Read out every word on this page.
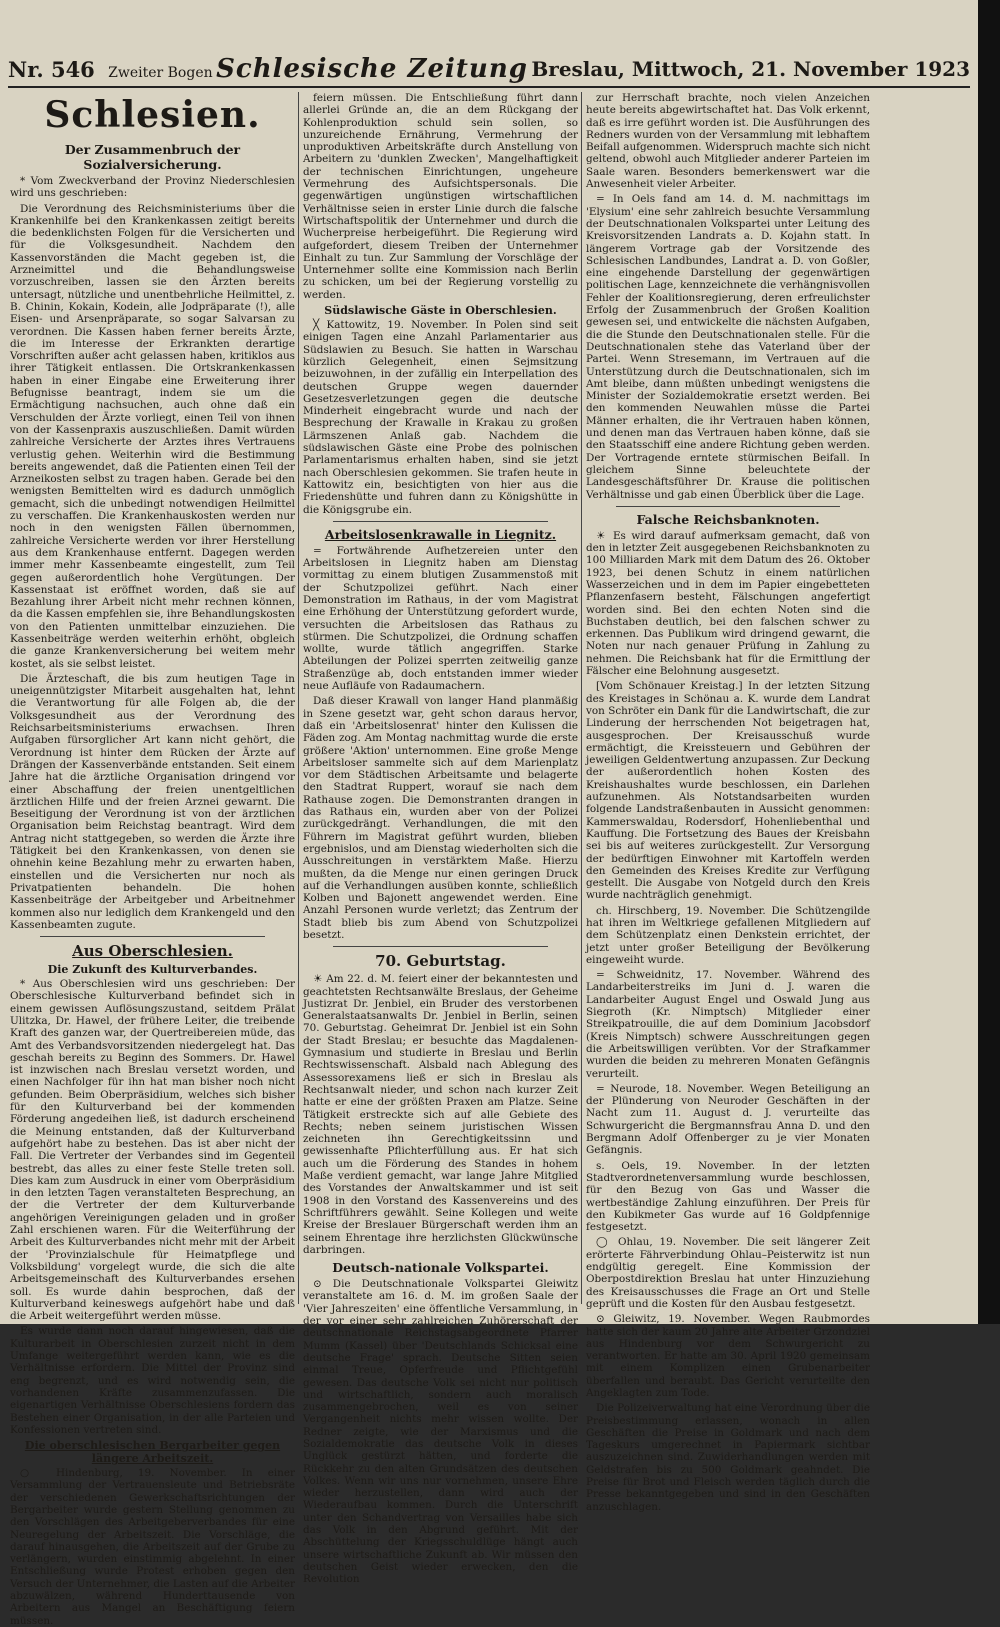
Nr. 546 Zweiter Bogen Schlesische Zeitung Breslau, Mittwoch, 21. November 1923
Schlesien.
Der Zusammenbruch der Sozialversicherung.

* Vom Zweckverband der Provinz Niederschlesien wird uns geschrieben:

Die Verordnung des Reichsministeriums über die Krankenhilfe bei den Krankenkassen zeitigt bereits die bedenklichsten Folgen für die Versicherten und für die Volksgesundheit. Nachdem den Kassenvorständen die Macht gegeben ist, die Arzneimittel und die Behandlungsweise vorzuschreiben, lassen sie den Ärzten bereits untersagt, nützliche und unentbehrliche Heilmittel, z. B. Chinin, Kokain, Kodein, alle Jodpräparate (!), alle Eisen- und Arsenpräparate, so sogar Salvarsan zu verordnen. Die Kassen haben ferner bereits Ärzte, die im Interesse der Erkrankten derartige Vorschriften außer acht gelassen haben, kritiklos aus ihrer Tätigkeit entlassen. Die Ortskrankenkassen haben in einer Eingabe eine Erweiterung ihrer Befugnisse beantragt, indem sie um die Ermächtigung nachsuchen, auch ohne daß ein Verschulden der Ärzte vorliegt, einen Teil von ihnen von der Kassenpraxis auszuschließen. Damit würden zahlreiche Versicherte der Arztes ihres Vertrauens verlustig gehen. Weiterhin wird die Bestimmung bereits angewendet, daß die Patienten einen Teil der Arzneikosten selbst zu tragen haben. Gerade bei den wenigsten Bemittelten wird es dadurch unmöglich gemacht, sich die unbedingt notwendigen Heilmittel zu verschaffen. Die Krankenhauskosten werden nur noch in den wenigsten Fällen übernommen, zahlreiche Versicherte werden vor ihrer Herstellung aus dem Krankenhause entfernt. Dagegen werden immer mehr Kassenbeamte eingestellt, zum Teil gegen außerordentlich hohe Vergütungen. Der Kassenstaat ist eröffnet worden, daß sie auf Bezahlung ihrer Arbeit nicht mehr rechnen können, da die Kassen empfehlen sie, ihre Behandlungskosten von den Patienten unmittelbar einzuziehen. Die Kassenbeiträge werden weiterhin erhöht, obgleich die ganze Krankenversicherung bei weitem mehr kostet, als sie selbst leistet.

Die Ärzteschaft, die bis zum heutigen Tage in uneigennützigster Mitarbeit ausgehalten hat, lehnt die Verantwortung für alle Folgen ab, die der Volksgesundheit aus der Verordnung des Reichsarbeitsministeriums erwachsen. Ihren Aufgaben fürsorglicher Art kann nicht gehört, die Verordnung ist hinter dem Rücken der Ärzte auf Drängen der Kassenverbände entstanden. Seit einem Jahre hat die ärztliche Organisation dringend vor einer Abschaffung der freien unentgeltlichen ärztlichen Hilfe und der freien Arznei gewarnt. Die Beseitigung der Verordnung ist von der ärztlichen Organisation beim Reichstag beantragt. Wird dem Antrag nicht stattgegeben, so werden die Ärzte ihre Tätigkeit bei den Krankenkassen, von denen sie ohnehin keine Bezahlung mehr zu erwarten haben, einstellen und die Versicherten nur noch als Privatpatienten behandeln. Die hohen Kassenbeiträge der Arbeitgeber und Arbeitnehmer kommen also nur lediglich dem Krankengeld und den Kassenbeamten zugute.

Aus Oberschlesien.
Die Zukunft des Kulturverbandes.

* Aus Oberschlesien wird uns geschrieben: Der Oberschlesische Kulturverband befindet sich in einem gewissen Auflösungszustand, seitdem Prälat Ulitzka, Dr. Hawel, der frühere Leiter, die treibende Kraft des ganzen war, der Quertreibereien müde, das Amt des Verbandsvorsitzenden niedergelegt hat. Das geschah bereits zu Beginn des Sommers. Dr. Hawel ist inzwischen nach Breslau versetzt worden, und einen Nachfolger für ihn hat man bisher noch nicht gefunden. Beim Oberpräsidium, welches sich bisher für den Kulturverband bei der kommenden Förderung angedeihen ließ, ist dadurch erscheinend die Meinung entstanden, daß der Kulturverband aufgehört habe zu bestehen. Das ist aber nicht der Fall. Die Vertreter der Verbandes sind im Gegenteil bestrebt, das alles zu einer feste Stelle treten soll. Dies kam zum Ausdruck in einer vom Oberpräsidium in den letzten Tagen veranstalteten Besprechung, an der die Vertreter der dem Kulturverbande angehörigen Vereinigungen geladen und in großer Zahl erschienen waren. Für die Weiterführung der Arbeit des Kulturverbandes nicht mehr mit der Arbeit der 'Provinzialschule für Heimatpflege und Volksbildung' vorgelegt wurde, die sich die alte Arbeitsgemeinschaft des Kulturverbandes ersehen soll. Es wurde dahin besprochen, daß der Kulturverband keineswegs aufgehört habe und daß die Arbeit weitergeführt werden müsse.

Es wurde dann noch darauf hingewiesen, daß die Kulturarbeit in Oberschlesien zurzeit nicht in dem Umfange weitergeführt werden kann, wie es die Verhältnisse erfordern. Die Mittel der Provinz sind eng begrenzt, und es wird notwendig sein, die vorhandenen Kräfte zusammenzufassen. Die eigenartigen Verhältnisse Oberschlesiens fordern das Bestehen einer Organisation, in der alle Parteien und Konfessionen vertreten sind.

Die oberschlesischen Bergarbeiter gegen längere Arbeitszeit.

○ Hindenburg, 19. November. In einer Versammlung der Vertrauensleute und Betriebsräte der verschiedenen Gewerkschaftsrichtungen der Bergarbeiter wurde gestern Stellung genommen zu den Vorschlägen des Arbeitgeberverbandes für eine Neuregelung der Arbeitszeit. Die Vorschläge, die darauf hinausgehen, die Arbeitszeit auf der Grube zu verlängern, wurden einstimmig abgelehnt. In einer Entschließung wurde Protest erhoben gegen den Versuch der Unternehmer, die Lasten auf die Arbeiter abzuwälzen, während Hunderttausende von Arbeitern aus Mangel an Beschäftigung feiern müssen.

feiern müssen. Die Entschließung führt dann allerlei Gründe an, die an dem Rückgang der Kohlenproduktion schuld sein sollen, so unzureichende Ernährung, Vermehrung der unproduktiven Arbeitskräfte durch Anstellung von Arbeitern zu 'dunklen Zwecken', Mangelhaftigkeit der technischen Einrichtungen, ungeheure Vermehrung des Aufsichtspersonals. Die gegenwärtigen ungünstigen wirtschaftlichen Verhältnisse seien in erster Linie durch die falsche Wirtschaftspolitik der Unternehmer und durch die Wucherpreise herbeigeführt. Die Regierung wird aufgefordert, diesem Treiben der Unternehmer Einhalt zu tun. Zur Sammlung der Vorschläge der Unternehmer sollte eine Kommission nach Berlin zu schicken, um bei der Regierung vorstellig zu werden.

Südslawische Gäste in Oberschlesien.

╳ Kattowitz, 19. November. In Polen sind seit einigen Tagen eine Anzahl Parlamentarier aus Südslawien zu Besuch. Sie hatten in Warschau kürzlich Gelegenheit, einen Sejmsitzung beizuwohnen, in der zufällig ein Interpellation des deutschen Gruppe wegen dauernder Gesetzesverletzungen gegen die deutsche Minderheit eingebracht wurde und nach der Besprechung der Krawalle in Krakau zu großen Lärmszenen Anlaß gab. Nachdem die südslawischen Gäste eine Probe des polnischen Parlamentarismus erhalten haben, sind sie jetzt nach Oberschlesien gekommen. Sie trafen heute in Kattowitz ein, besichtigten von hier aus die Friedenshütte und fuhren dann zu Königshütte in die Königsgrube ein.

Arbeitslosenkrawalle in Liegnitz.

= Fortwährende Aufhetzereien unter den Arbeitslosen in Liegnitz haben am Dienstag vormittag zu einem blutigen Zusammenstoß mit der Schutzpolizei geführt. Nach einer Demonstration im Rathaus, in der vom Magistrat eine Erhöhung der Unterstützung gefordert wurde, versuchten die Arbeitslosen das Rathaus zu stürmen. Die Schutzpolizei, die Ordnung schaffen wollte, wurde tätlich angegriffen. Starke Abteilungen der Polizei sperrten zeitweilig ganze Straßenzüge ab, doch entstanden immer wieder neue Aufläufe von Radaumachern.

Daß dieser Krawall von langer Hand planmäßig in Szene gesetzt war, geht schon daraus hervor, daß ein 'Arbeitslosenrat' hinter den Kulissen die Fäden zog. Am Montag nachmittag wurde die erste größere 'Aktion' unternommen. Eine große Menge Arbeitsloser sammelte sich auf dem Marienplatz vor dem Städtischen Arbeitsamte und belagerte den Stadtrat Ruppert, worauf sie nach dem Rathause zogen. Die Demonstranten drangen in das Rathaus ein, wurden aber von der Polizei zurückgedrängt. Verhandlungen, die mit den Führern im Magistrat geführt wurden, blieben ergebnislos, und am Dienstag wiederholten sich die Ausschreitungen in verstärktem Maße. Hierzu mußten, da die Menge nur einen geringen Druck auf die Verhandlungen ausüben konnte, schließlich Kolben und Bajonett angewendet werden. Eine Anzahl Personen wurde verletzt; das Zentrum der Stadt blieb bis zum Abend von Schutzpolizei besetzt.

70. Geburtstag.

☀ Am 22. d. M. feiert einer der bekanntesten und geachtetsten Rechtsanwälte Breslaus, der Geheime Justizrat Dr. Jenbiel, ein Bruder des verstorbenen Generalstaatsanwalts Dr. Jenbiel in Berlin, seinen 70. Geburtstag. Geheimrat Dr. Jenbiel ist ein Sohn der Stadt Breslau; er besuchte das Magdalenen-Gymnasium und studierte in Breslau und Berlin Rechtswissenschaft. Alsbald nach Ablegung des Assessorexamens ließ er sich in Breslau als Rechtsanwalt nieder, und schon nach kurzer Zeit hatte er eine der größten Praxen am Platze. Seine Tätigkeit erstreckte sich auf alle Gebiete des Rechts; neben seinem juristischen Wissen zeichneten ihn Gerechtigkeitssinn und gewissenhafte Pflichterfüllung aus. Er hat sich auch um die Förderung des Standes in hohem Maße verdient gemacht, war lange Jahre Mitglied des Vorstandes der Anwaltskammer und ist seit 1908 in den Vorstand des Kassenvereins und des Schriftführers gewählt. Seine Kollegen und weite Kreise der Breslauer Bürgerschaft werden ihm an seinem Ehrentage ihre herzlichsten Glückwünsche darbringen.

Deutsch-nationale Volkspartei.

⊙ Die Deutschnationale Volkspartei Gleiwitz veranstaltete am 16. d. M. im großen Saale der 'Vier Jahreszeiten' eine öffentliche Versammlung, in der vor einer sehr zahlreichen Zuhörerschaft der deutschnationale Reichstagsabgeordnete Pfarrer Mumm (Kassel) über 'Deutschlands Schicksal eine deutsche Frage' sprach. Deutsche Sitten seien einmal Treue, Opferfreude und Pflichtgefühl gewesen. Das deutsche Volk sei nicht nur politisch und wirtschaftlich, sondern auch moralisch zusammengebrochen, weil es von seiner Vergangenheit nichts mehr wissen wollte. Der Redner zeigte, wie der Marxismus und die Sozialdemokratie das deutsche Volk in dieses Unglück gestürzt hätten, und forderte die Rückkehr zu den alten Grundsätzen des deutschen Volkes. Wenn wir uns nur vornehmen, unsere Ehre wieder herzustellen, dann wird auch der Wiederaufbau kommen. Durch die Unterschrift unter den Schandvertrag von Versailles habe sich das Volk in den Abgrund geführt. Mit der Abschüttelung der Kriegsschuldlüge hängt auch unsere wirtschaftliche Zukunft ab. Wir müssen den deutschen Geist wieder erwecken, den die Revolution

zur Herrschaft brachte, noch vielen Anzeichen heute bereits abgewirtschaftet hat. Das Volk erkennt, daß es irre geführt worden ist. Die Ausführungen des Redners wurden von der Versammlung mit lebhaftem Beifall aufgenommen. Widerspruch machte sich nicht geltend, obwohl auch Mitglieder anderer Parteien im Saale waren. Besonders bemerkenswert war die Anwesenheit vieler Arbeiter.

= In Oels fand am 14. d. M. nachmittags im 'Elysium' eine sehr zahlreich besuchte Versammlung der Deutschnationalen Volkspartei unter Leitung des Kreisvorsitzenden Landrats a. D. Kojahn statt. In längerem Vortrage gab der Vorsitzende des Schlesischen Landbundes, Landrat a. D. von Goßler, eine eingehende Darstellung der gegenwärtigen politischen Lage, kennzeichnete die verhängnisvollen Fehler der Koalitionsregierung, deren erfreulichster Erfolg der Zusammenbruch der Großen Koalition gewesen sei, und entwickelte die nächsten Aufgaben, die die Stunde den Deutschnationalen stelle. Für die Deutschnationalen stehe das Vaterland über der Partei. Wenn Stresemann, im Vertrauen auf die Unterstützung durch die Deutschnationalen, sich im Amt bleibe, dann müßten unbedingt wenigstens die Minister der Sozialdemokratie ersetzt werden. Bei den kommenden Neuwahlen müsse die Partei Männer erhalten, die ihr Vertrauen haben können, und denen man das Vertrauen haben könne, daß sie den Staatsschiff eine andere Richtung geben werden. Der Vortragende erntete stürmischen Beifall. In gleichem Sinne beleuchtete der Landesgeschäftsführer Dr. Krause die politischen Verhältnisse und gab einen Überblick über die Lage.

Falsche Reichsbanknoten.

☀ Es wird darauf aufmerksam gemacht, daß von den in letzter Zeit ausgegebenen Reichsbanknoten zu 100 Milliarden Mark mit dem Datum des 26. Oktober 1923, bei denen Schutz in einem natürlichen Wasserzeichen und in dem im Papier eingebetteten Pflanzenfasern besteht, Fälschungen angefertigt worden sind. Bei den echten Noten sind die Buchstaben deutlich, bei den falschen schwer zu erkennen. Das Publikum wird dringend gewarnt, die Noten nur nach genauer Prüfung in Zahlung zu nehmen. Die Reichsbank hat für die Ermittlung der Fälscher eine Belohnung ausgesetzt.

[Vom Schönauer Kreistag.] In der letzten Sitzung des Kreistages in Schönau a. K. wurde dem Landrat von Schröter ein Dank für die Landwirtschaft, die zur Linderung der herrschenden Not beigetragen hat, ausgesprochen. Der Kreisausschuß wurde ermächtigt, die Kreissteuern und Gebühren der jeweiligen Geldentwertung anzupassen. Zur Deckung der außerordentlich hohen Kosten des Kreishaushaltes wurde beschlossen, ein Darlehen aufzunehmen. Als Notstandsarbeiten wurden folgende Landstraßenbauten in Aussicht genommen: Kammerswaldau, Rodersdorf, Hohenliebenthal und Kauffung. Die Fortsetzung des Baues der Kreisbahn sei bis auf weiteres zurückgestellt. Zur Versorgung der bedürftigen Einwohner mit Kartoffeln werden den Gemeinden des Kreises Kredite zur Verfügung gestellt. Die Ausgabe von Notgeld durch den Kreis wurde nachträglich genehmigt.

ch. Hirschberg, 19. November. Die Schützengilde hat ihren im Weltkriege gefallenen Mitgliedern auf dem Schützenplatz einen Denkstein errichtet, der jetzt unter großer Beteiligung der Bevölkerung eingeweiht wurde.

= Schweidnitz, 17. November. Während des Landarbeiterstreiks im Juni d. J. waren die Landarbeiter August Engel und Oswald Jung aus Siegroth (Kr. Nimptsch) Mitglieder einer Streikpatrouille, die auf dem Dominium Jacobsdorf (Kreis Nimptsch) schwere Ausschreitungen gegen die Arbeitswilligen verübten. Vor der Strafkammer wurden die beiden zu mehreren Monaten Gefängnis verurteilt.

= Neurode, 18. November. Wegen Beteiligung an der Plünderung von Neuroder Geschäften in der Nacht zum 11. August d. J. verurteilte das Schwurgericht die Bergmannsfrau Anna D. und den Bergmann Adolf Offenberger zu je vier Monaten Gefängnis.

s. Oels, 19. November. In der letzten Stadtverordnetenversammlung wurde beschlossen, für den Bezug von Gas und Wasser die wertbeständige Zahlung einzuführen. Der Preis für den Kubikmeter Gas wurde auf 16 Goldpfennige festgesetzt.

◯ Ohlau, 19. November. Die seit längerer Zeit erörterte Fährverbindung Ohlau–Peisterwitz ist nun endgültig geregelt. Eine Kommission der Oberpostdirektion Breslau hat unter Hinzuziehung des Kreisausschusses die Frage an Ort und Stelle geprüft und die Kosten für den Ausbau festgesetzt.

⊙ Gleiwitz, 19. November. Wegen Raubmordes hatte sich der kaum 20 Jahre alte Arbeiter Grzondziel aus Hindenburg vor dem Schwurgericht zu verantworten. Er hatte am 30. April 1920 gemeinsam mit einem Komplizen einen Grubenarbeiter überfallen und beraubt. Das Gericht verurteilte den Angeklagten zum Tode.

Die Polizeiverwaltung hat eine Verordnung über die Preisbestimmung erlassen, wonach in allen Geschäften die Preise in Goldmark und nach dem Tageskurs umgerechnet in Papiermark sichtbar auszuzeichnen sind. Zuwiderhandlungen werden mit Geldstrafen bis zu 500 Goldmark geahndet. Die Preise für Brot und Fleisch werden täglich durch die Presse bekanntgegeben und sind in den Geschäften anzuschlagen.
